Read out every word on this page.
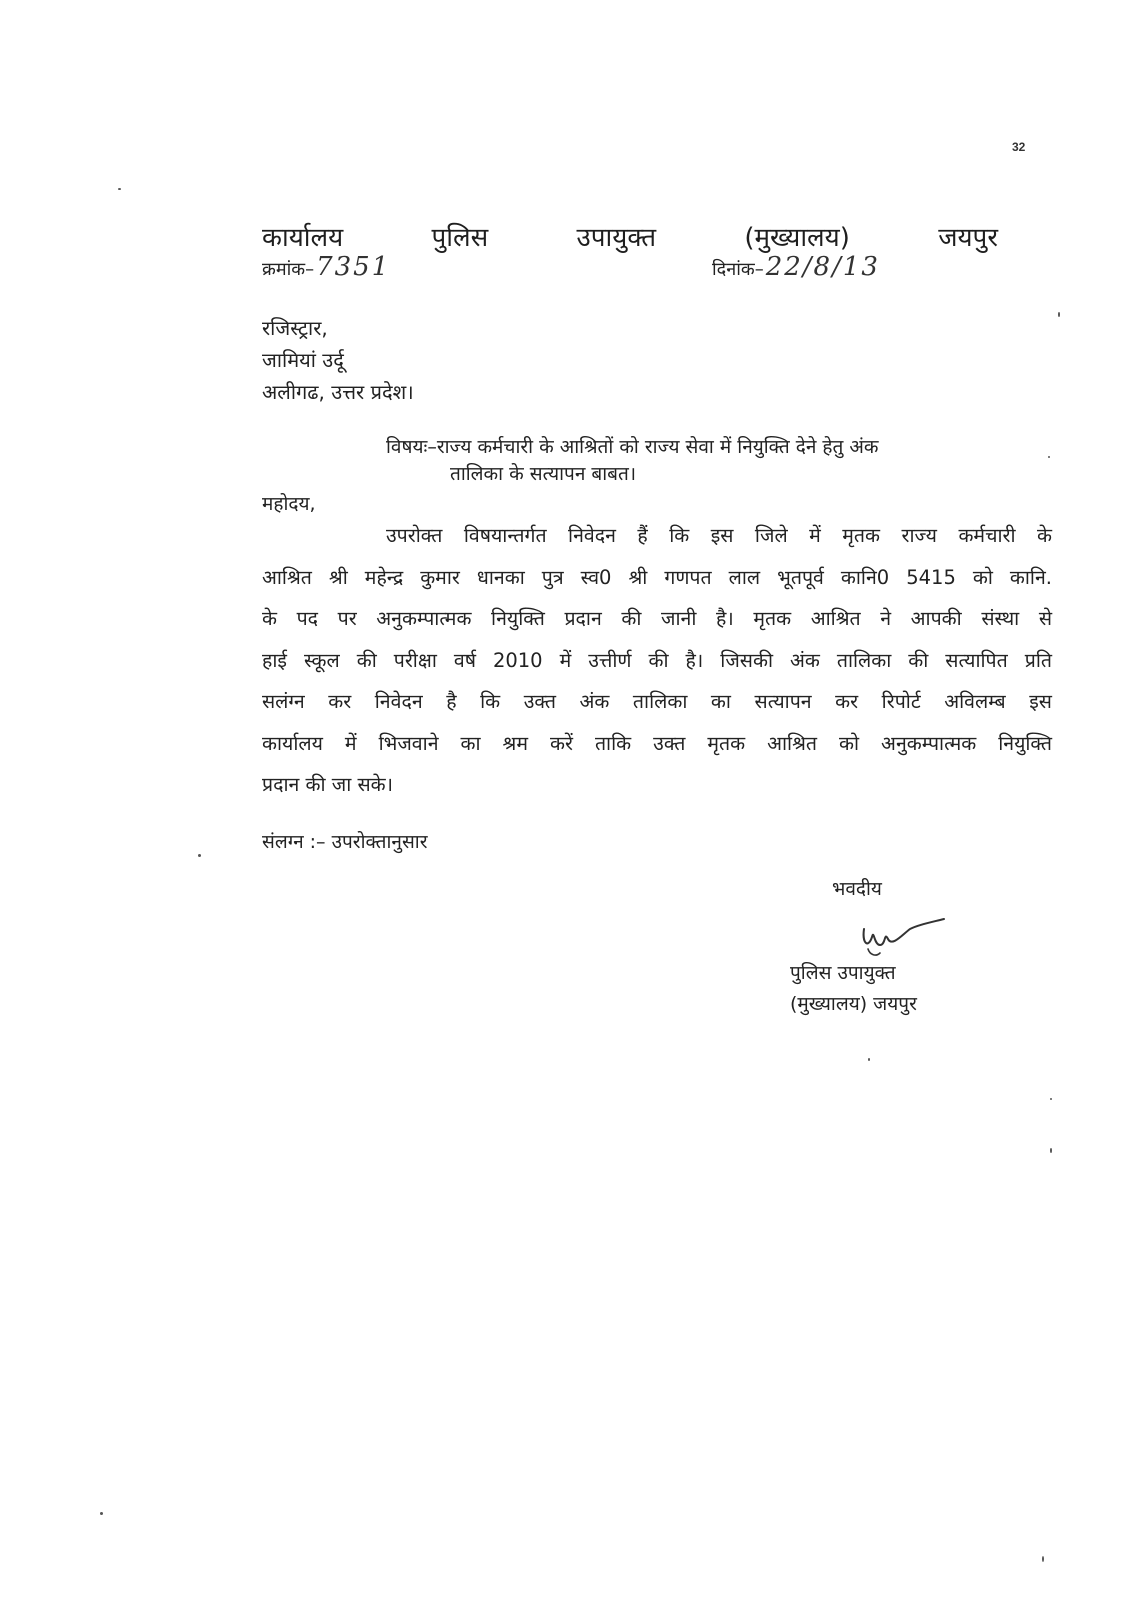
32
कार्यालय	पुलिस	उपायुक्त	(मुख्यालय)	जयपुर
क्रमांक– 7351	दिनांक– 22/8/13
रजिस्ट्रार,
जामियां उर्दू
अलीगढ, उत्तर प्रदेश।
विषयः–राज्य कर्मचारी के आश्रितों को राज्य सेवा में नियुक्ति देने हेतु अंक
तालिका के सत्यापन बाबत।
महोदय,
उपरोक्त विषयान्तर्गत निवेदन हैं कि इस जिले में मृतक राज्य कर्मचारी के
आश्रित श्री महेन्द्र कुमार धानका पुत्र स्व0 श्री गणपत लाल भूतपूर्व कानि0 5415 को कानि.
के पद पर अनुकम्पात्मक नियुक्ति प्रदान की जानी है। मृतक आश्रित ने आपकी संस्था से
हाई स्कूल की परीक्षा वर्ष 2010 में उत्तीर्ण की है। जिसकी अंक तालिका की सत्यापित प्रति
सलंग्न कर निवेदन है कि उक्त अंक तालिका का सत्यापन कर रिपोर्ट अविलम्ब इस
कार्यालय में भिजवाने का श्रम करें ताकि उक्त मृतक आश्रित को अनुकम्पात्मक नियुक्ति
प्रदान की जा सके।
संलग्न :– उपरोक्तानुसार
भवदीय
पुलिस उपायुक्त
(मुख्यालय) जयपुर
